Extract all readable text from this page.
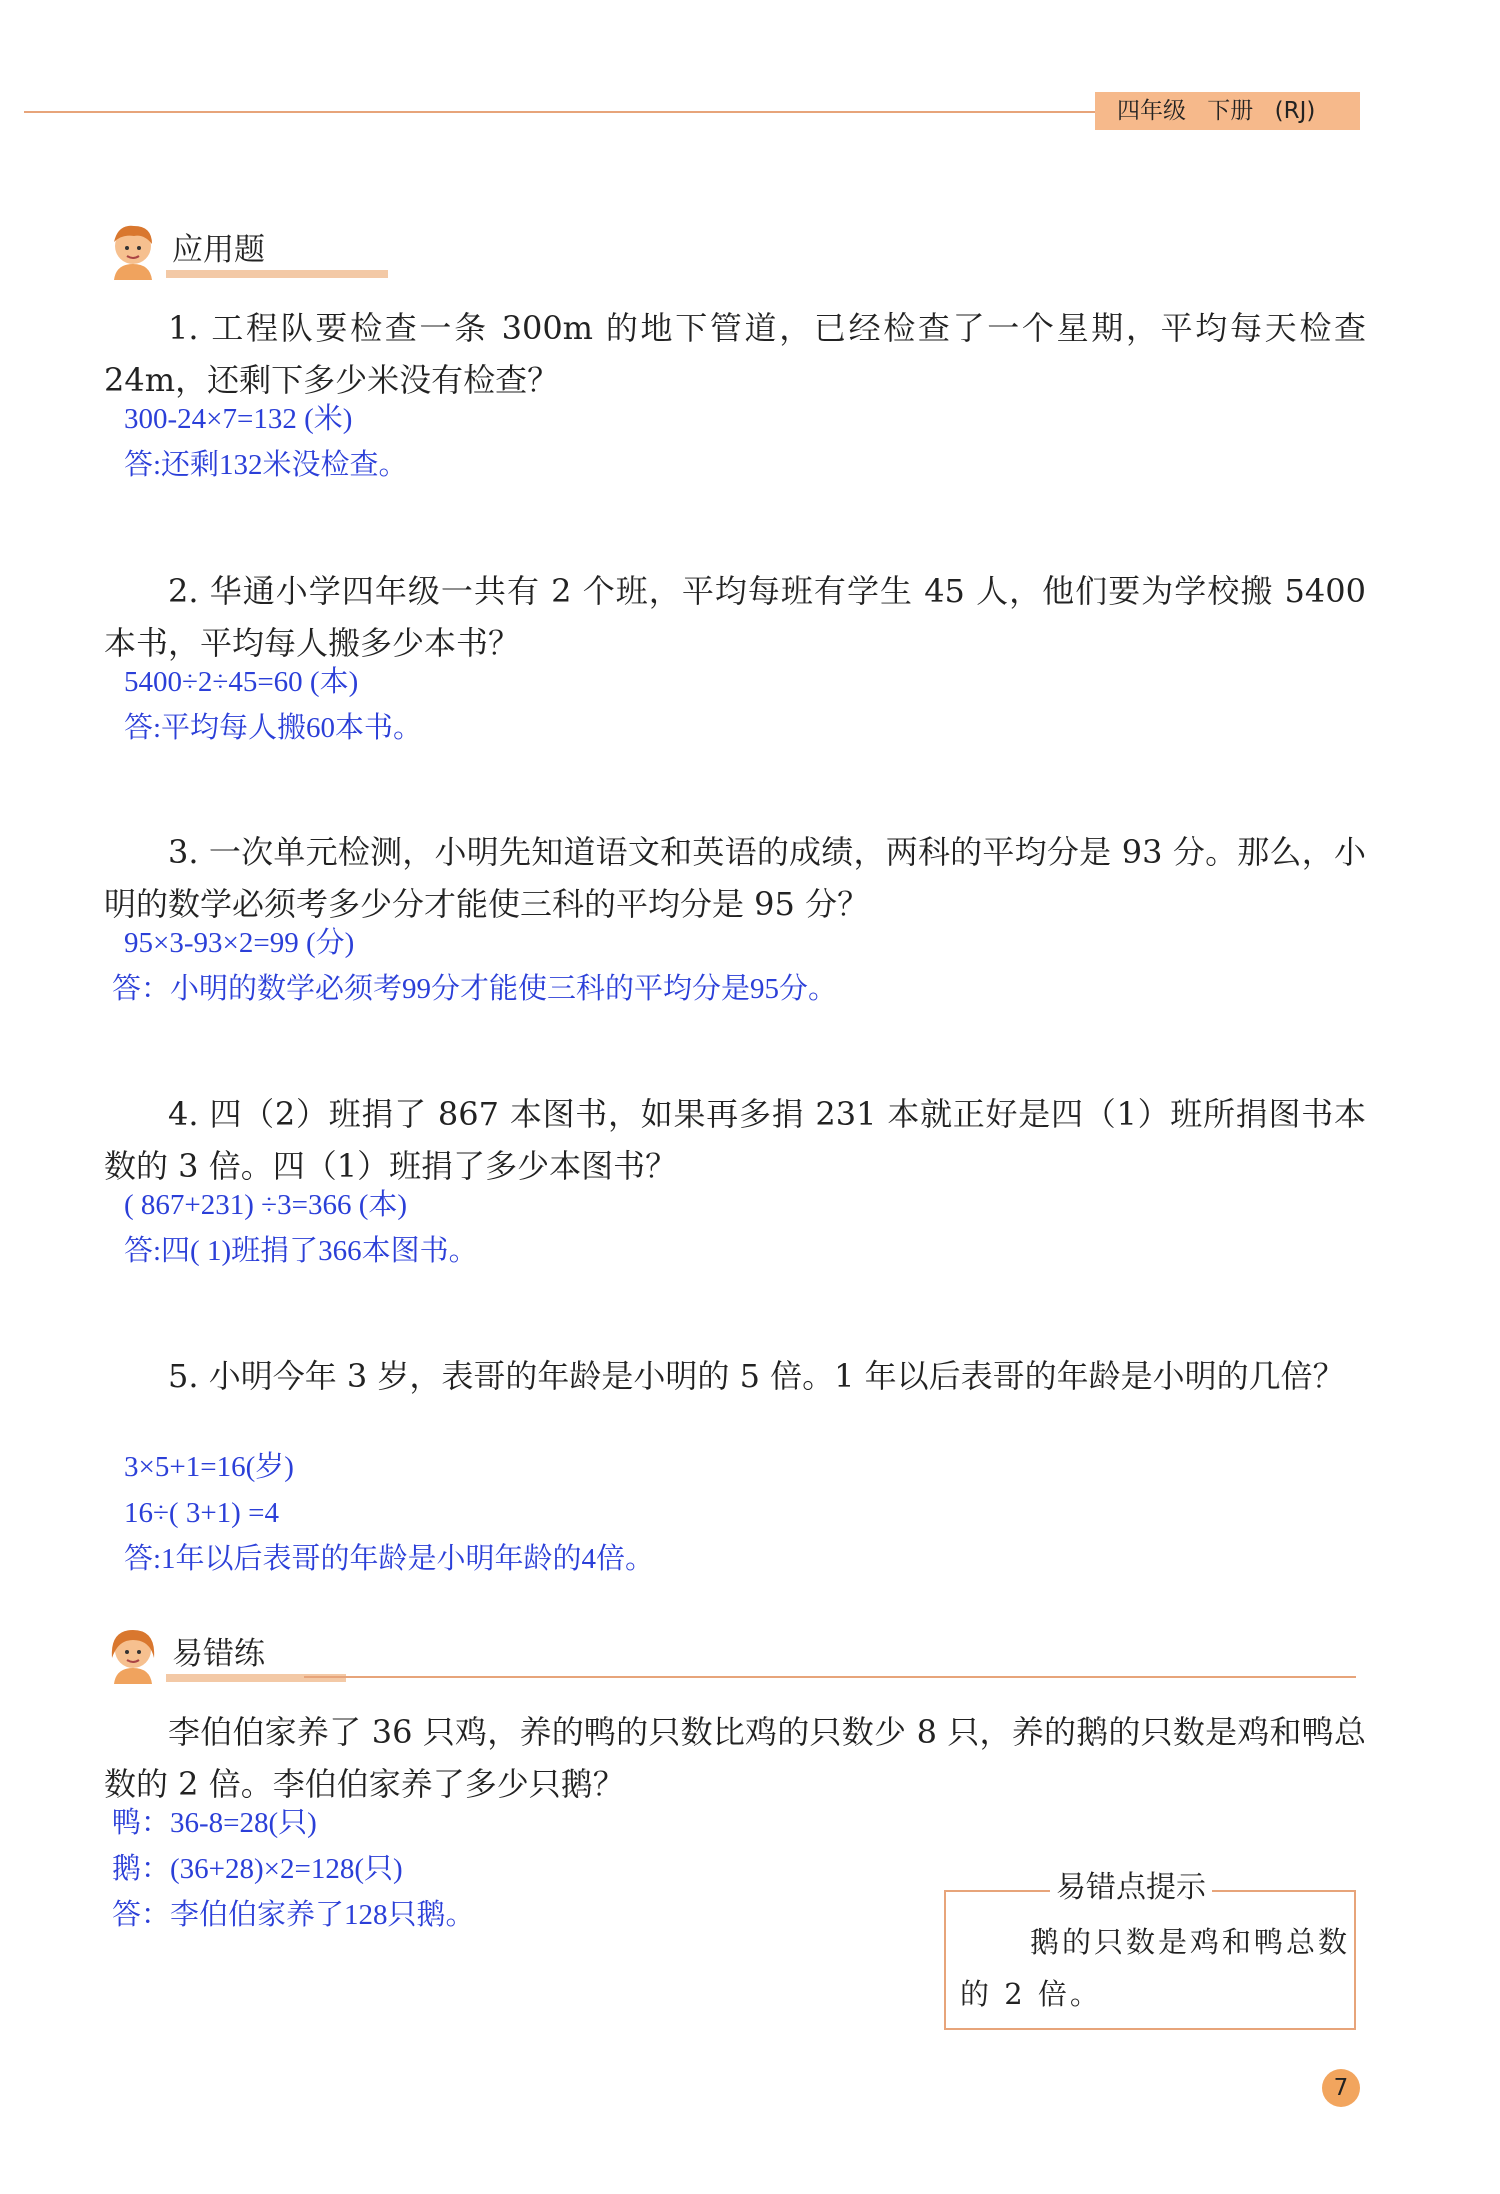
四年级 下册 (RJ)
应用题
1. 工程队要检查一条 300m 的地下管道，已经检查了一个星期，平均每天检查 24m，还剩下多少米没有检查？
300-24×7=132 (米)
答:还剩132米没检查。
2. 华通小学四年级一共有 2 个班，平均每班有学生 45 人，他们要为学校搬 5400 本书，平均每人搬多少本书？
5400÷2÷45=60 (本)
答:平均每人搬60本书。
3. 一次单元检测，小明先知道语文和英语的成绩，两科的平均分是 93 分。那么，小明的数学必须考多少分才能使三科的平均分是 95 分？
95×3-93×2=99 (分)
答：小明的数学必须考99分才能使三科的平均分是95分。
4. 四（2）班捐了 867 本图书，如果再多捐 231 本就正好是四（1）班所捐图书本数的 3 倍。四（1）班捐了多少本图书？
( 867+231) ÷3=366 (本)
答:四( 1)班捐了366本图书。
5. 小明今年 3 岁，表哥的年龄是小明的 5 倍。1 年以后表哥的年龄是小明的几倍？
3×5+1=16(岁)
16÷( 3+1) =4
答:1年以后表哥的年龄是小明年龄的4倍。
易错练
李伯伯家养了 36 只鸡，养的鸭的只数比鸡的只数少 8 只，养的鹅的只数是鸡和鸭总数的 2 倍。李伯伯家养了多少只鹅？
鸭：36-8=28(只)
鹅：(36+28)×2=128(只)
答：李伯伯家养了128只鹅。
易错点提示
鹅的只数是鸡和鸭总数的 2 倍。
7
